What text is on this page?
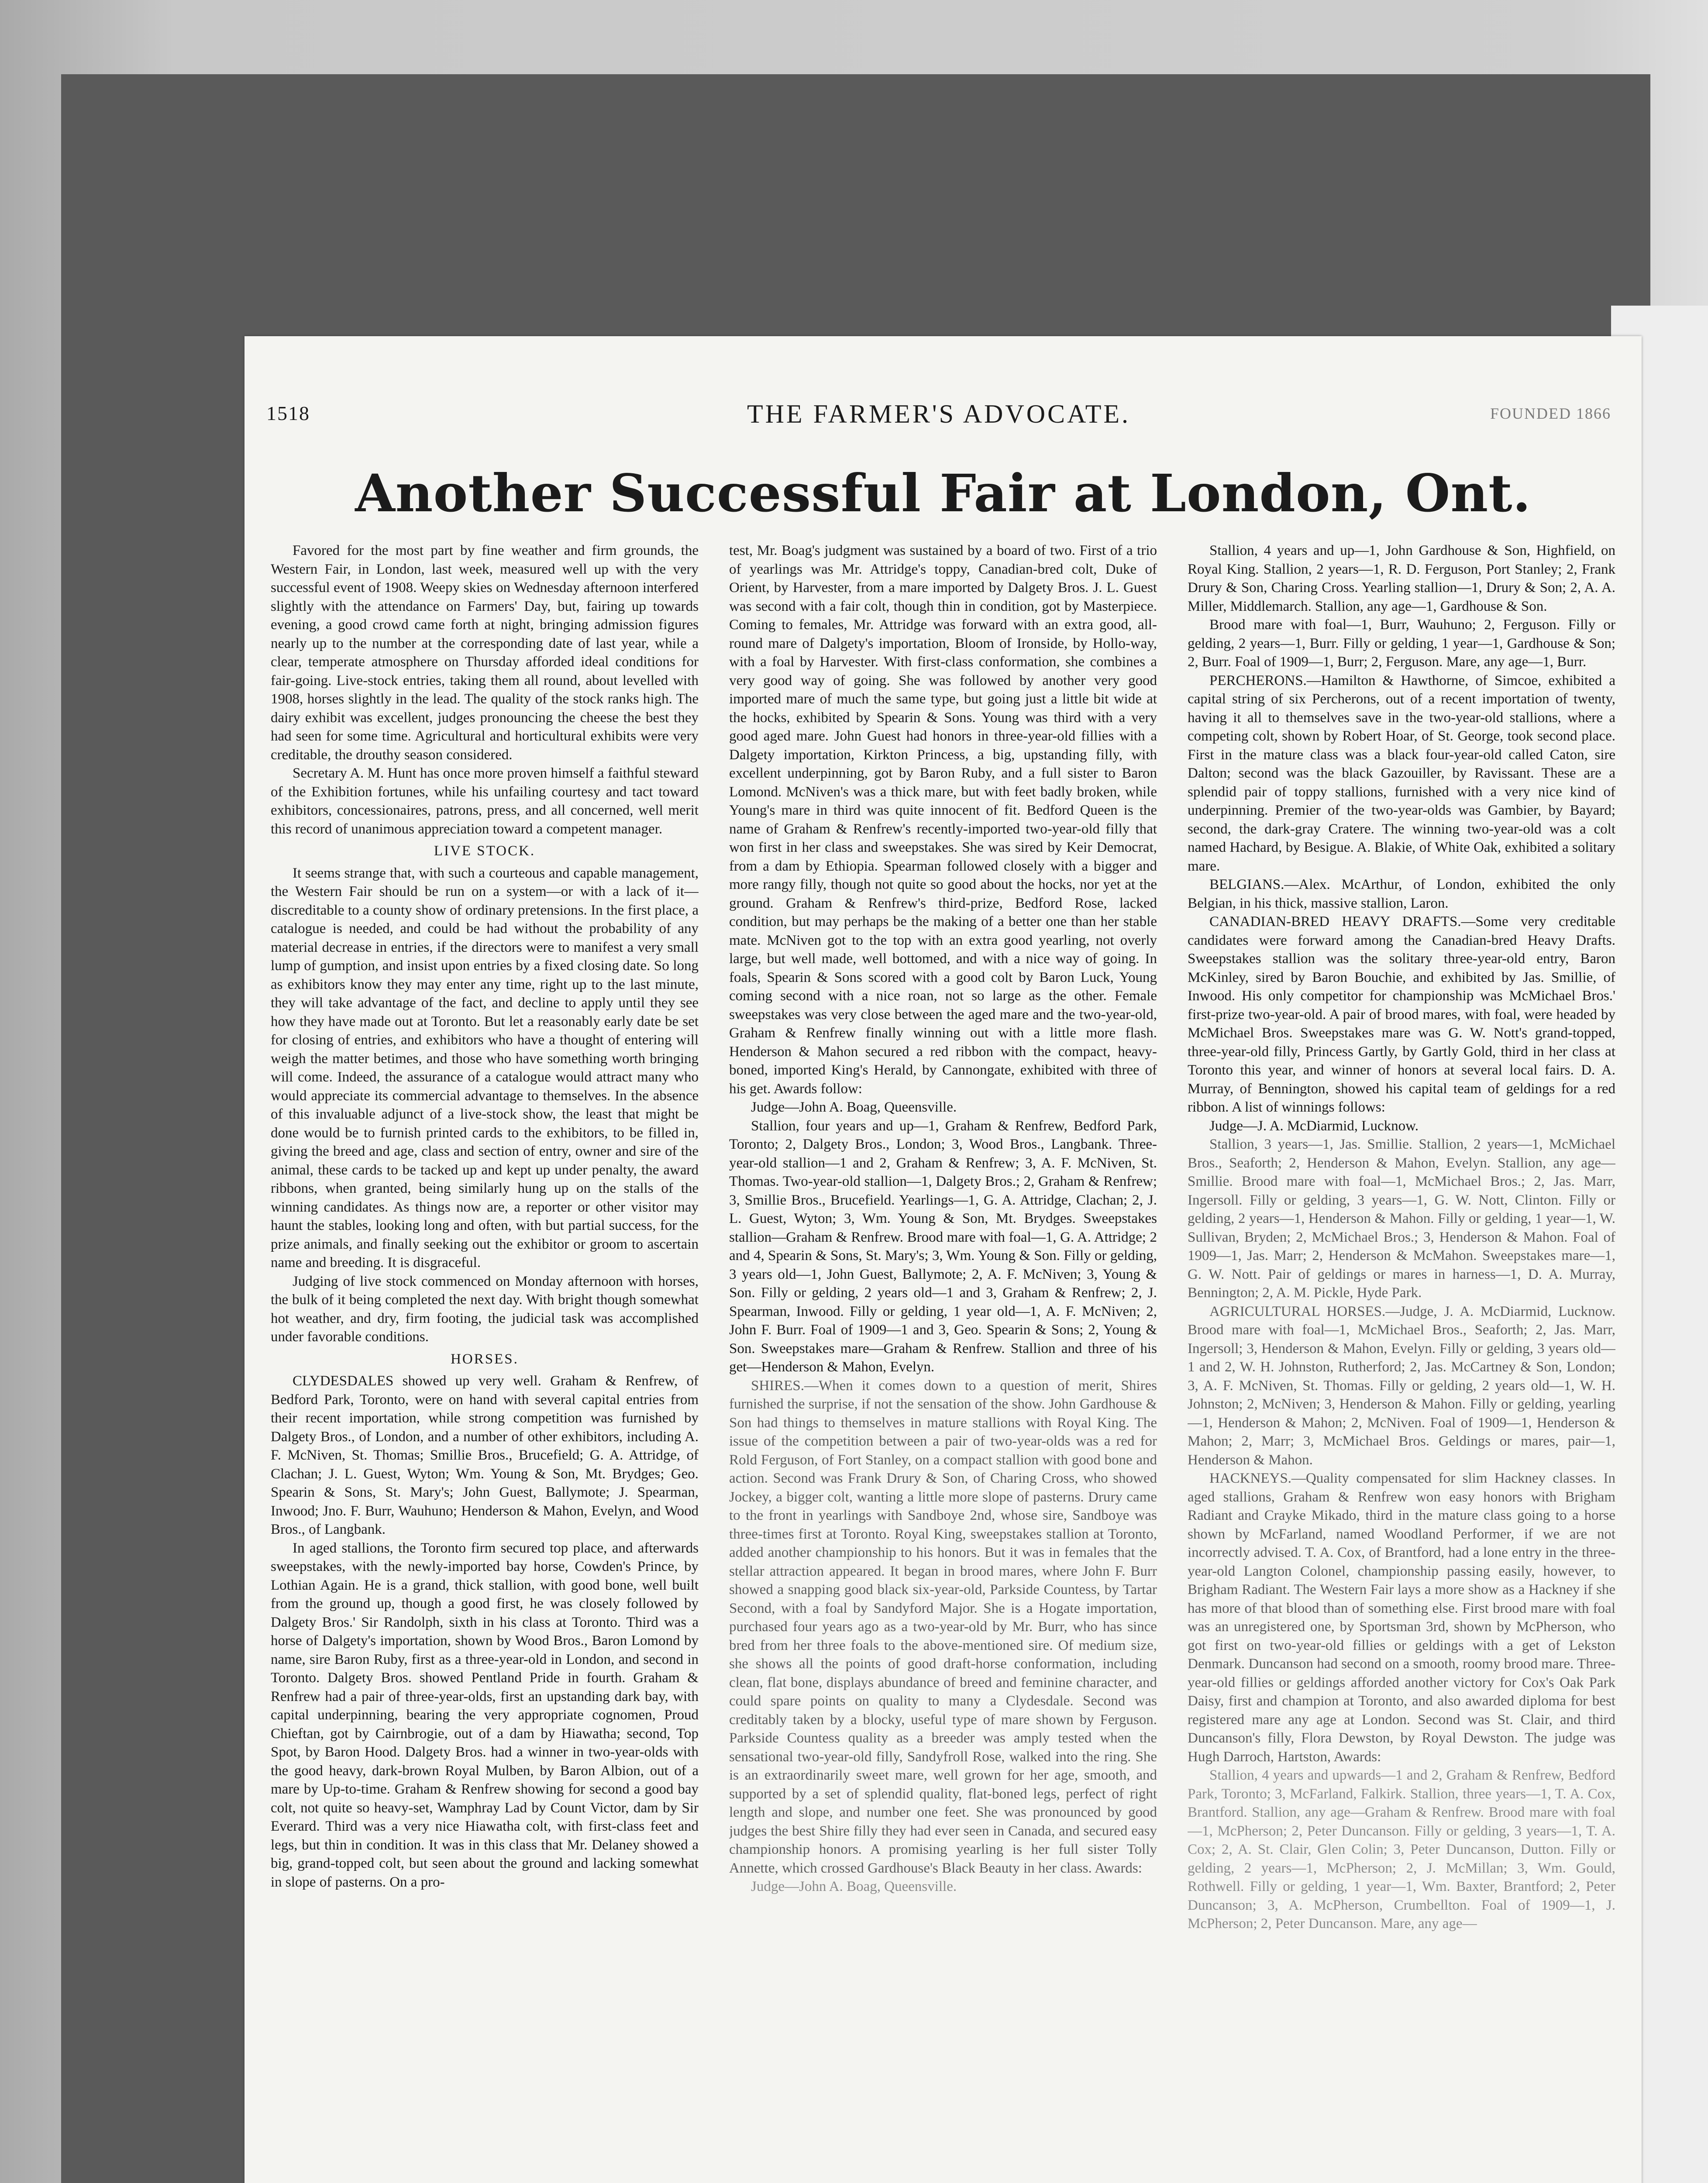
1518	THE FARMER'S ADVOCATE.	FOUNDED 1866
Another Successful Fair at London, Ont.

Favored for the most part by fine weather and firm grounds, the Western Fair, in London, last week, measured well up with the very successful event of 1908. Weepy skies on Wednesday afternoon interfered slightly with the attendance on Farmers' Day, but, fairing up towards evening, a good crowd came forth at night, bringing admission figures nearly up to the number at the corresponding date of last year, while a clear, temperate atmosphere on Thursday afforded ideal conditions for fair-going. Live-stock entries, taking them all round, about levelled with 1908, horses slightly in the lead. The quality of the stock ranks high. The dairy exhibit was excellent, judges pronouncing the cheese the best they had seen for some time. Agricultural and horticultural exhibits were very creditable, the drouthy season considered.

Secretary A. M. Hunt has once more proven himself a faithful steward of the Exhibition fortunes, while his unfailing courtesy and tact toward exhibitors, concessionaires, patrons, press, and all concerned, well merit this record of unanimous appreciation toward a competent manager.

LIVE STOCK.

It seems strange that, with such a courteous and capable management, the Western Fair should be run on a system—or with a lack of it—discreditable to a county show of ordinary pretensions. In the first place, a catalogue is needed, and could be had without the probability of any material decrease in entries, if the directors were to manifest a very small lump of gumption, and insist upon entries by a fixed closing date. So long as exhibitors know they may enter any time, right up to the last minute, they will take advantage of the fact, and decline to apply until they see how they have made out at Toronto. But let a reasonably early date be set for closing of entries, and exhibitors who have a thought of entering will weigh the matter betimes, and those who have something worth bringing will come. Indeed, the assurance of a catalogue would attract many who would appreciate its commercial advantage to themselves. In the absence of this invaluable adjunct of a live-stock show, the least that might be done would be to furnish printed cards to the exhibitors, to be filled in, giving the breed and age, class and section of entry, owner and sire of the animal, these cards to be tacked up and kept up under penalty, the award ribbons, when granted, being similarly hung up on the stalls of the winning candidates. As things now are, a reporter or other visitor may haunt the stables, looking long and often, with but partial success, for the prize animals, and finally seeking out the exhibitor or groom to ascertain name and breeding. It is disgraceful.

Judging of live stock commenced on Monday afternoon with horses, the bulk of it being completed the next day. With bright though somewhat hot weather, and dry, firm footing, the judicial task was accomplished under favorable conditions.

HORSES.

CLYDESDALES showed up very well. Graham & Renfrew, of Bedford Park, Toronto, were on hand with several capital entries from their recent importation, while strong competition was furnished by Dalgety Bros., of London, and a number of other exhibitors, including A. F. McNiven, St. Thomas; Smillie Bros., Brucefield; G. A. Attridge, of Clachan; J. L. Guest, Wyton; Wm. Young & Son, Mt. Brydges; Geo. Spearin & Sons, St. Mary's; John Guest, Ballymote; J. Spearman, Inwood; Jno. F. Burr, Wauhuno; Henderson & Mahon, Evelyn, and Wood Bros., of Langbank.

In aged stallions, the Toronto firm secured top place, and afterwards sweepstakes, with the newly-imported bay horse, Cowden's Prince, by Lothian Again. He is a grand, thick stallion, with good bone, well built from the ground up, though a good first, he was closely followed by Dalgety Bros.' Sir Randolph, sixth in his class at Toronto. Third was a horse of Dalgety's importation, shown by Wood Bros., Baron Lomond by name, sire Baron Ruby, first as a three-year-old in London, and second in Toronto. Dalgety Bros. showed Pentland Pride in fourth. Graham & Renfrew had a pair of three-year-olds, first an upstanding dark bay, with capital underpinning, bearing the very appropriate cognomen, Proud Chieftan, got by Cairnbrogie, out of a dam by Hiawatha; second, Top Spot, by Baron Hood. Dalgety Bros. had a winner in two-year-olds with the good heavy, dark-brown Royal Mulben, by Baron Albion, out of a mare by Up-to-time. Graham & Renfrew showing for second a good bay colt, not quite so heavy-set, Wamphray Lad by Count Victor, dam by Sir Everard. Third was a very nice Hiawatha colt, with first-class feet and legs, but thin in condition. It was in this class that Mr. Delaney showed a big, grand-topped colt, but seen about the ground and lacking somewhat in slope of pasterns. On a pro-

test, Mr. Boag's judgment was sustained by a board of two. First of a trio of yearlings was Mr. Attridge's toppy, Canadian-bred colt, Duke of Orient, by Harvester, from a mare imported by Dalgety Bros. J. L. Guest was second with a fair colt, though thin in condition, got by Masterpiece. Coming to females, Mr. Attridge was forward with an extra good, all-round mare of Dalgety's importation, Bloom of Ironside, by Hollo-way, with a foal by Harvester. With first-class conformation, she combines a very good way of going. She was followed by another very good imported mare of much the same type, but going just a little bit wide at the hocks, exhibited by Spearin & Sons. Young was third with a very good aged mare. John Guest had honors in three-year-old fillies with a Dalgety importation, Kirkton Princess, a big, upstanding filly, with excellent underpinning, got by Baron Ruby, and a full sister to Baron Lomond. McNiven's was a thick mare, but with feet badly broken, while Young's mare in third was quite innocent of fit. Bedford Queen is the name of Graham & Renfrew's recently-imported two-year-old filly that won first in her class and sweepstakes. She was sired by Keir Democrat, from a dam by Ethiopia. Spearman followed closely with a bigger and more rangy filly, though not quite so good about the hocks, nor yet at the ground. Graham & Renfrew's third-prize, Bedford Rose, lacked condition, but may perhaps be the making of a better one than her stable mate. McNiven got to the top with an extra good yearling, not overly large, but well made, well bottomed, and with a nice way of going. In foals, Spearin & Sons scored with a good colt by Baron Luck, Young coming second with a nice roan, not so large as the other. Female sweepstakes was very close between the aged mare and the two-year-old, Graham & Renfrew finally winning out with a little more flash. Henderson & Mahon secured a red ribbon with the compact, heavy-boned, imported King's Herald, by Cannongate, exhibited with three of his get. Awards follow:

Judge—John A. Boag, Queensville.

Stallion, four years and up—1, Graham & Renfrew, Bedford Park, Toronto; 2, Dalgety Bros., London; 3, Wood Bros., Langbank. Three-year-old stallion—1 and 2, Graham & Renfrew; 3, A. F. McNiven, St. Thomas. Two-year-old stallion—1, Dalgety Bros.; 2, Graham & Renfrew; 3, Smillie Bros., Brucefield. Yearlings—1, G. A. Attridge, Clachan; 2, J. L. Guest, Wyton; 3, Wm. Young & Son, Mt. Brydges. Sweepstakes stallion—Graham & Renfrew. Brood mare with foal—1, G. A. Attridge; 2 and 4, Spearin & Sons, St. Mary's; 3, Wm. Young & Son. Filly or gelding, 3 years old—1, John Guest, Ballymote; 2, A. F. McNiven; 3, Young & Son. Filly or gelding, 2 years old—1 and 3, Graham & Renfrew; 2, J. Spearman, Inwood. Filly or gelding, 1 year old—1, A. F. McNiven; 2, John F. Burr. Foal of 1909—1 and 3, Geo. Spearin & Sons; 2, Young & Son. Sweepstakes mare—Graham & Renfrew. Stallion and three of his get—Henderson & Mahon, Evelyn.

SHIRES.—When it comes down to a question of merit, Shires furnished the surprise, if not the sensation of the show. John Gardhouse & Son had things to themselves in mature stallions with Royal King. The issue of the competition between a pair of two-year-olds was a red for Rold Ferguson, of Fort Stanley, on a compact stallion with good bone and action. Second was Frank Drury & Son, of Charing Cross, who showed Jockey, a bigger colt, wanting a little more slope of pasterns. Drury came to the front in yearlings with Sandboye 2nd, whose sire, Sandboye was three-times first at Toronto. Royal King, sweepstakes stallion at Toronto, added another championship to his honors. But it was in females that the stellar attraction appeared. It began in brood mares, where John F. Burr showed a snapping good black six-year-old, Parkside Countess, by Tartar Second, with a foal by Sandyford Major. She is a Hogate importation, purchased four years ago as a two-year-old by Mr. Burr, who has since bred from her three foals to the above-mentioned sire. Of medium size, she shows all the points of good draft-horse conformation, including clean, flat bone, displays abundance of breed and feminine character, and could spare points on quality to many a Clydesdale. Second was creditably taken by a blocky, useful type of mare shown by Ferguson. Parkside Countess quality as a breeder was amply tested when the sensational two-year-old filly, Sandyfroll Rose, walked into the ring. She is an extraordinarily sweet mare, well grown for her age, smooth, and supported by a set of splendid quality, flat-boned legs, perfect of right length and slope, and number one feet. She was pronounced by good judges the best Shire filly they had ever seen in Canada, and secured easy championship honors. A promising yearling is her full sister Tolly Annette, which crossed Gardhouse's Black Beauty in her class. Awards:

Judge—John A. Boag, Queensville.

Stallion, 4 years and up—1, John Gardhouse & Son, Highfield, on Royal King. Stallion, 2 years—1, R. D. Ferguson, Port Stanley; 2, Frank Drury & Son, Charing Cross. Yearling stallion—1, Drury & Son; 2, A. A. Miller, Middlemarch. Stallion, any age—1, Gardhouse & Son.

Brood mare with foal—1, Burr, Wauhuno; 2, Ferguson. Filly or gelding, 2 years—1, Burr. Filly or gelding, 1 year—1, Gardhouse & Son; 2, Burr. Foal of 1909—1, Burr; 2, Ferguson. Mare, any age—1, Burr.

PERCHERONS.—Hamilton & Hawthorne, of Simcoe, exhibited a capital string of six Percherons, out of a recent importation of twenty, having it all to themselves save in the two-year-old stallions, where a competing colt, shown by Robert Hoar, of St. George, took second place. First in the mature class was a black four-year-old called Caton, sire Dalton; second was the black Gazouiller, by Ravissant. These are a splendid pair of toppy stallions, furnished with a very nice kind of underpinning. Premier of the two-year-olds was Gambier, by Bayard; second, the dark-gray Cratere. The winning two-year-old was a colt named Hachard, by Besigue. A. Blakie, of White Oak, exhibited a solitary mare.

BELGIANS.—Alex. McArthur, of London, exhibited the only Belgian, in his thick, massive stallion, Laron.

CANADIAN-BRED HEAVY DRAFTS.—Some very creditable candidates were forward among the Canadian-bred Heavy Drafts. Sweepstakes stallion was the solitary three-year-old entry, Baron McKinley, sired by Baron Bouchie, and exhibited by Jas. Smillie, of Inwood. His only competitor for championship was McMichael Bros.' first-prize two-year-old. A pair of brood mares, with foal, were headed by McMichael Bros. Sweepstakes mare was G. W. Nott's grand-topped, three-year-old filly, Princess Gartly, by Gartly Gold, third in her class at Toronto this year, and winner of honors at several local fairs. D. A. Murray, of Bennington, showed his capital team of geldings for a red ribbon. A list of winnings follows:

Judge—J. A. McDiarmid, Lucknow.

Stallion, 3 years—1, Jas. Smillie. Stallion, 2 years—1, McMichael Bros., Seaforth; 2, Henderson & Mahon, Evelyn. Stallion, any age—Smillie. Brood mare with foal—1, McMichael Bros.; 2, Jas. Marr, Ingersoll. Filly or gelding, 3 years—1, G. W. Nott, Clinton. Filly or gelding, 2 years—1, Henderson & Mahon. Filly or gelding, 1 year—1, W. Sullivan, Bryden; 2, McMichael Bros.; 3, Henderson & Mahon. Foal of 1909—1, Jas. Marr; 2, Henderson & McMahon. Sweepstakes mare—1, G. W. Nott. Pair of geldings or mares in harness—1, D. A. Murray, Bennington; 2, A. M. Pickle, Hyde Park.

AGRICULTURAL HORSES.—Judge, J. A. McDiarmid, Lucknow. Brood mare with foal—1, McMichael Bros., Seaforth; 2, Jas. Marr, Ingersoll; 3, Henderson & Mahon, Evelyn. Filly or gelding, 3 years old—1 and 2, W. H. Johnston, Rutherford; 2, Jas. McCartney & Son, London; 3, A. F. McNiven, St. Thomas. Filly or gelding, 2 years old—1, W. H. Johnston; 2, McNiven; 3, Henderson & Mahon. Filly or gelding, yearling—1, Henderson & Mahon; 2, McNiven. Foal of 1909—1, Henderson & Mahon; 2, Marr; 3, McMichael Bros. Geldings or mares, pair—1, Henderson & Mahon.

HACKNEYS.—Quality compensated for slim Hackney classes. In aged stallions, Graham & Renfrew won easy honors with Brigham Radiant and Crayke Mikado, third in the mature class going to a horse shown by McFarland, named Woodland Performer, if we are not incorrectly advised. T. A. Cox, of Brantford, had a lone entry in the three-year-old Langton Colonel, championship passing easily, however, to Brigham Radiant. The Western Fair lays a more show as a Hackney if she has more of that blood than of something else. First brood mare with foal was an unregistered one, by Sportsman 3rd, shown by McPherson, who got first on two-year-old fillies or geldings with a get of Lekston Denmark. Duncanson had second on a smooth, roomy brood mare. Three-year-old fillies or geldings afforded another victory for Cox's Oak Park Daisy, first and champion at Toronto, and also awarded diploma for best registered mare any age at London. Second was St. Clair, and third Duncanson's filly, Flora Dewston, by Royal Dewston. The judge was Hugh Darroch, Hartston, Awards:

Stallion, 4 years and upwards—1 and 2, Graham & Renfrew, Bedford Park, Toronto; 3, McFarland, Falkirk. Stallion, three years—1, T. A. Cox, Brantford. Stallion, any age—Graham & Renfrew. Brood mare with foal—1, McPherson; 2, Peter Duncanson. Filly or gelding, 3 years—1, T. A. Cox; 2, A. St. Clair, Glen Colin; 3, Peter Duncanson, Dutton. Filly or gelding, 2 years—1, McPherson; 2, J. McMillan; 3, Wm. Gould, Rothwell. Filly or gelding, 1 year—1, Wm. Baxter, Brantford; 2, Peter Duncanson; 3, A. McPherson, Crumbellton. Foal of 1909—1, J. McPherson; 2, Peter Duncanson. Mare, any age—
